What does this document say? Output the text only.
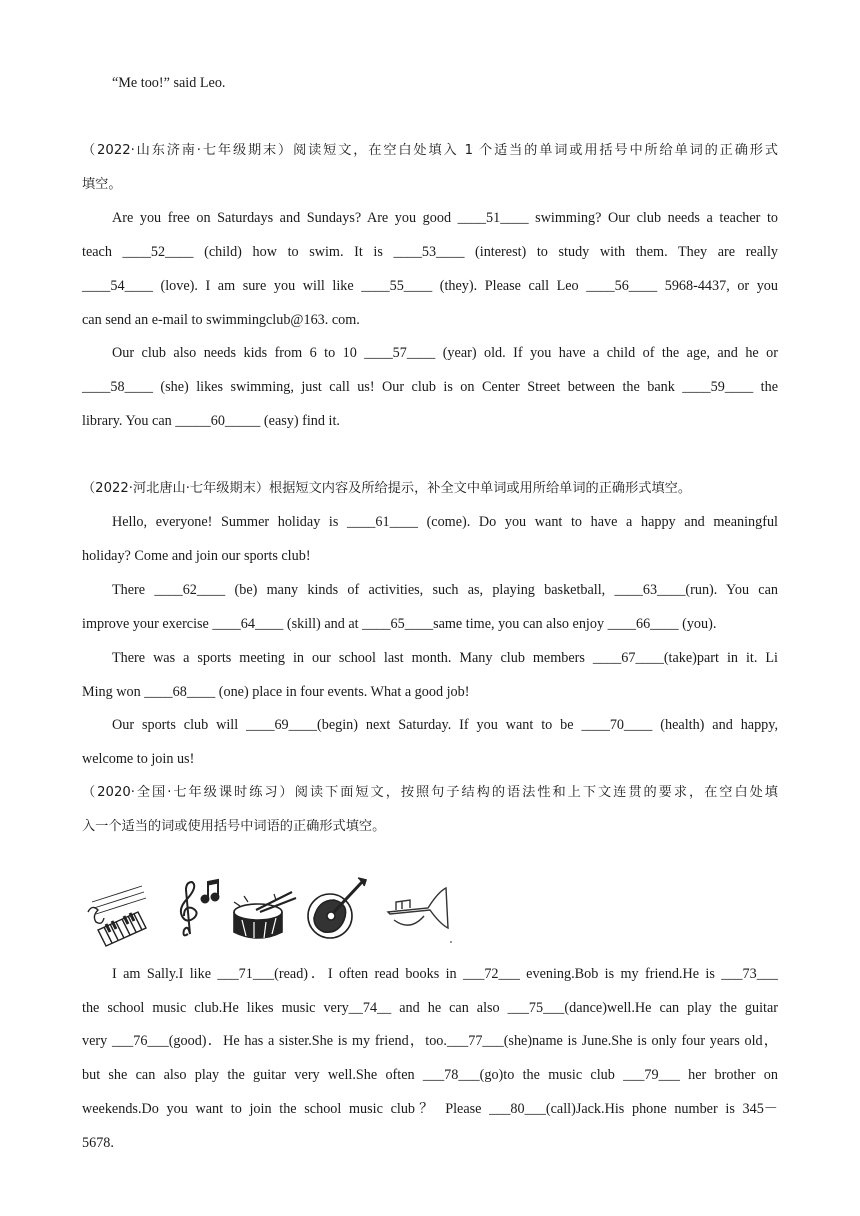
“Me too!” said Leo.
（2022·山东济南·七年级期末）阅读短文，在空白处填入 1 个适当的单词或用括号中所给单词的正确形式
填空。
Are you free on Saturdays and Sundays? Are you good ____51____ swimming? Our club needs a teacher to
teach ____52____ (child) how to swim. It is ____53____ (interest) to study with them. They are really
____54____ (love). I am sure you will like ____55____ (they). Please call Leo ____56____ 5968-4437, or you
can send an e-mail to swimmingclub@163. com.
Our club also needs kids from 6 to 10 ____57____ (year) old. If you have a child of the age, and he or
____58____ (she) likes swimming, just call us! Our club is on Center Street between the bank ____59____ the
library. You can _____60_____ (easy) find it.
（2022·河北唐山·七年级期末）根据短文内容及所给提示，补全文中单词或用所给单词的正确形式填空。
Hello, everyone! Summer holiday is ____61____ (come). Do you want to have a happy and meaningful
holiday? Come and join our sports club!
There ____62____ (be) many kinds of activities, such as, playing basketball, ____63____(run). You can
improve your exercise ____64____ (skill) and at ____65____same time, you can also enjoy ____66____ (you).
There was a sports meeting in our school last month. Many club members ____67____(take)part in it. Li
Ming won ____68____ (one) place in four events. What a good job!
Our sports club will ____69____(begin) next Saturday. If you want to be ____70____ (health) and happy,
welcome to join us!
（2020·全国·七年级课时练习）阅读下面短文，按照句子结构的语法性和上下文连贯的要求，在空白处填
入一个适当的词或使用括号中词语的正确形式填空。
I am Sally.I like ___71___(read)．I often read books in ___72___ evening.Bob is my friend.He is ___73___
the school music club.He likes music very__74__ and he can also ___75___(dance)well.He can play the guitar
very ___76___(good)．He has a sister.She is my friend，too.___77___(she)name is June.She is only four years old，
but she can also play the guitar very well.She often ___78___(go)to the music club ___79___ her brother on
weekends.Do you want to join the school music club？ Please ___80___(call)Jack.His phone number is 345－
5678.
